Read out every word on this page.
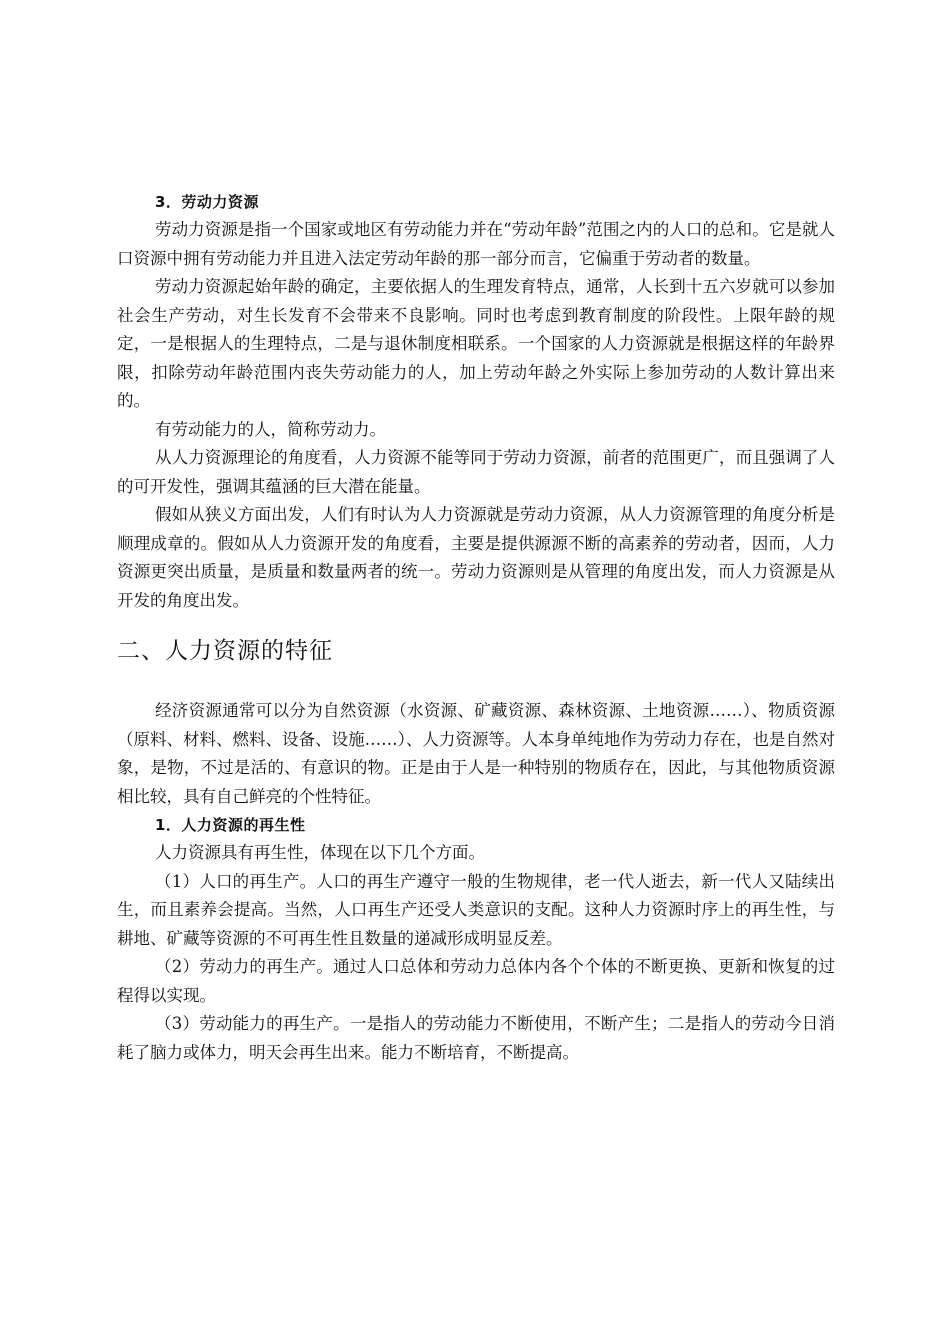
3．劳动力资源

劳动力资源是指一个国家或地区有劳动能力并在“劳动年龄”范围之内的人口的总和。它是就人口资源中拥有劳动能力并且进入法定劳动年龄的那一部分而言，它偏重于劳动者的数量。

劳动力资源起始年龄的确定，主要依据人的生理发育特点，通常，人长到十五六岁就可以参加社会生产劳动，对生长发育不会带来不良影响。同时也考虑到教育制度的阶段性。上限年龄的规定，一是根据人的生理特点，二是与退休制度相联系。一个国家的人力资源就是根据这样的年龄界限，扣除劳动年龄范围内丧失劳动能力的人，加上劳动年龄之外实际上参加劳动的人数计算出来的。

有劳动能力的人，简称劳动力。

从人力资源理论的角度看，人力资源不能等同于劳动力资源，前者的范围更广，而且强调了人的可开发性，强调其蕴涵的巨大潜在能量。

假如从狭义方面出发，人们有时认为人力资源就是劳动力资源，从人力资源管理的角度分析是顺理成章的。假如从人力资源开发的角度看，主要是提供源源不断的高素养的劳动者，因而，人力资源更突出质量，是质量和数量两者的统一。劳动力资源则是从管理的角度出发，而人力资源是从开发的角度出发。

二、人力资源的特征

经济资源通常可以分为自然资源（水资源、矿藏资源、森林资源、土地资源……）、物质资源（原料、材料、燃料、设备、设施……）、人力资源等。人本身单纯地作为劳动力存在，也是自然对象，是物，不过是活的、有意识的物。正是由于人是一种特别的物质存在，因此，与其他物质资源相比较，具有自己鲜亮的个性特征。

1．人力资源的再生性

人力资源具有再生性，体现在以下几个方面。

（1）人口的再生产。人口的再生产遵守一般的生物规律，老一代人逝去，新一代人又陆续出生，而且素养会提高。当然，人口再生产还受人类意识的支配。这种人力资源时序上的再生性，与耕地、矿藏等资源的不可再生性且数量的递减形成明显反差。

（2）劳动力的再生产。通过人口总体和劳动力总体内各个个体的不断更换、更新和恢复的过程得以实现。

（3）劳动能力的再生产。一是指人的劳动能力不断使用，不断产生；二是指人的劳动今日消耗了脑力或体力，明天会再生出来。能力不断培育，不断提高。
